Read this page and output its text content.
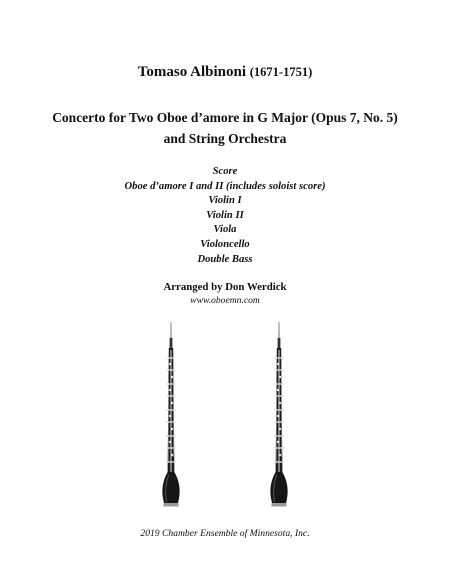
Tomaso Albinoni (1671-1751)
Concerto for Two Oboe d’amore in G Major (Opus 7, No. 5)
and String Orchestra
Score
Oboe d’amore I and II (includes soloist score)
Violin I
Violin II
Viola
Violoncello
Double Bass
Arranged by Don Werdick
www.oboemn.com
2019 Chamber Ensemble of Minnesota, Inc.
